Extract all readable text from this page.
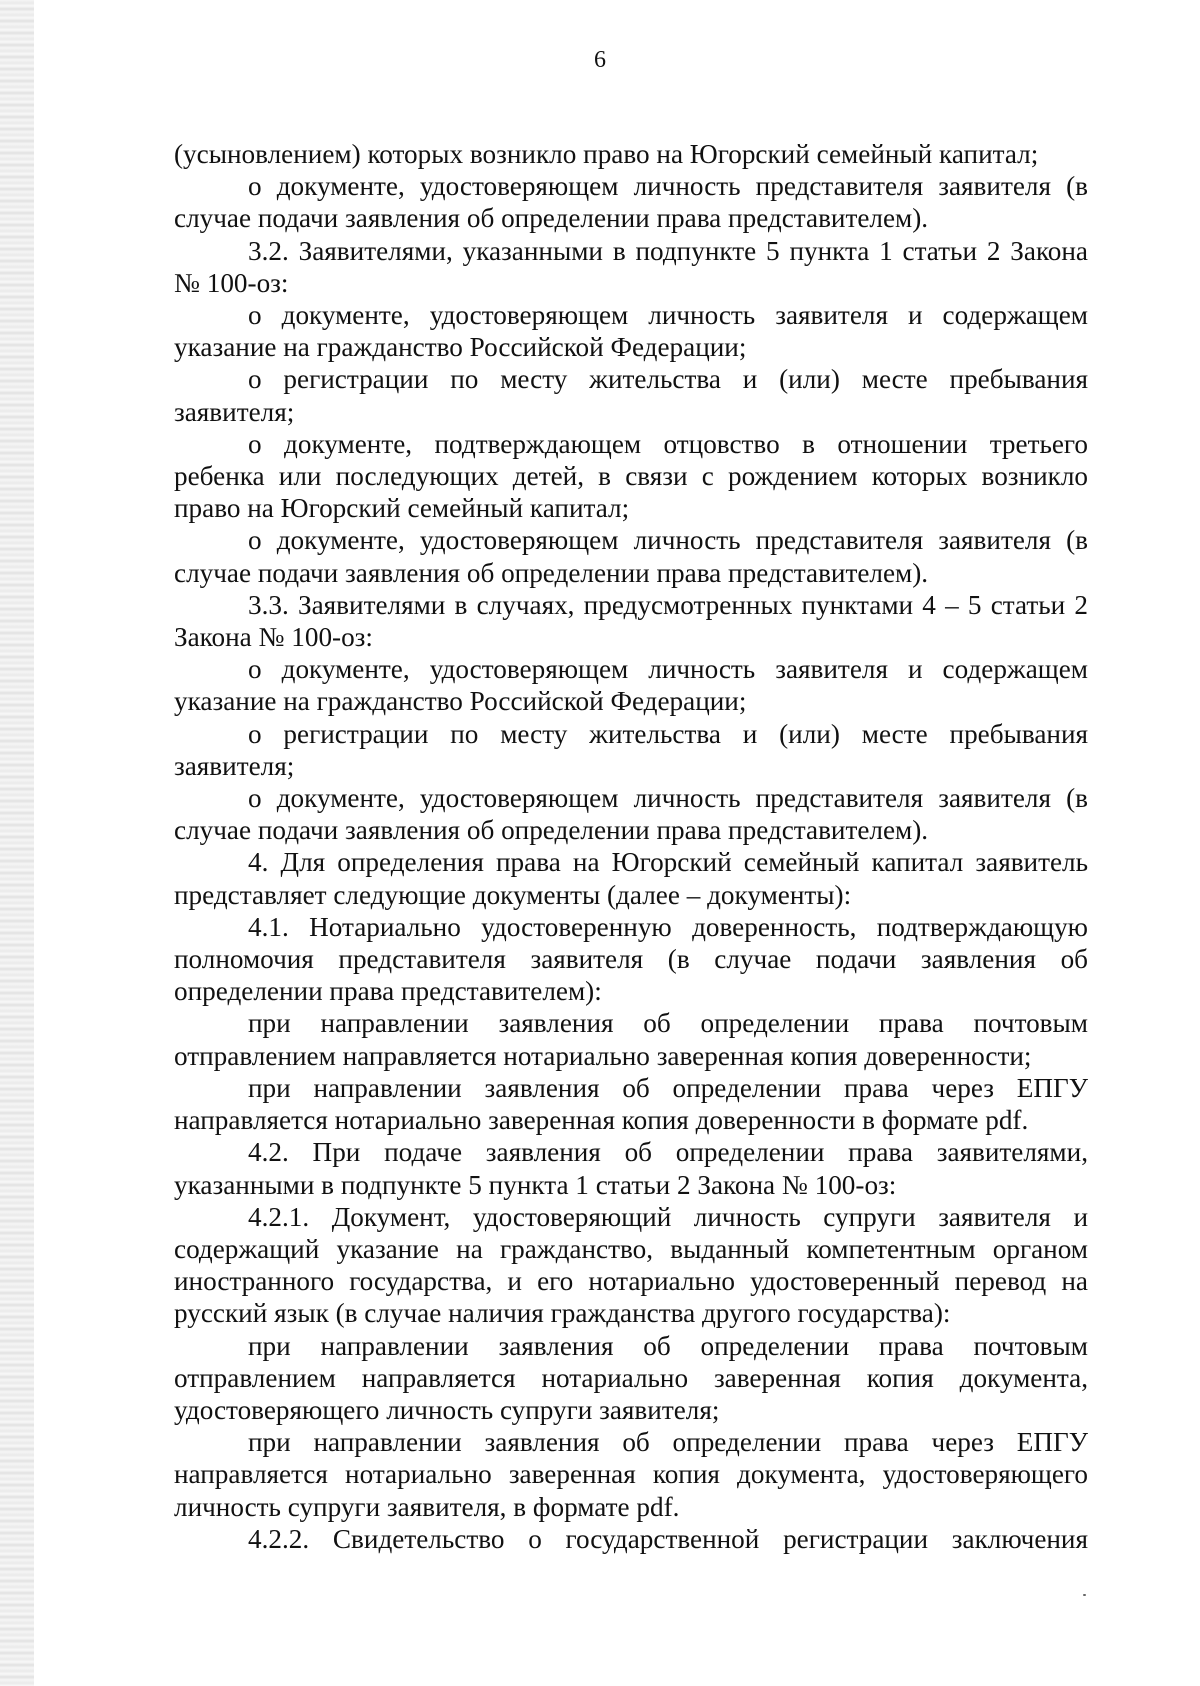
6

(усыновлением) которых возникло право на Югорский семейный капитал;

о документе, удостоверяющем личность представителя заявителя (в случае подачи заявления об определении права представителем).

3.2. Заявителями, указанными в подпункте 5 пункта 1 статьи 2 Закона № 100-оз:

о документе, удостоверяющем личность заявителя и содержащем указание на гражданство Российской Федерации;

о регистрации по месту жительства и (или) месте пребывания заявителя;

о документе, подтверждающем отцовство в отношении третьего ребенка или последующих детей, в связи с рождением которых возникло право на Югорский семейный капитал;

о документе, удостоверяющем личность представителя заявителя (в случае подачи заявления об определении права представителем).

3.3. Заявителями в случаях, предусмотренных пунктами 4 – 5 статьи 2 Закона № 100-оз:

о документе, удостоверяющем личность заявителя и содержащем указание на гражданство Российской Федерации;

о регистрации по месту жительства и (или) месте пребывания заявителя;

о документе, удостоверяющем личность представителя заявителя (в случае подачи заявления об определении права представителем).

4. Для определения права на Югорский семейный капитал заявитель представляет следующие документы (далее – документы):

4.1. Нотариально удостоверенную доверенность, подтверждающую полномочия представителя заявителя (в случае подачи заявления об определении права представителем):

при направлении заявления об определении права почтовым отправлением направляется нотариально заверенная копия доверенности;

при направлении заявления об определении права через ЕПГУ направляется нотариально заверенная копия доверенности в формате pdf.

4.2. При подаче заявления об определении права заявителями, указанными в подпункте 5 пункта 1 статьи 2 Закона № 100-оз:

4.2.1. Документ, удостоверяющий личность супруги заявителя и содержащий указание на гражданство, выданный компетентным органом иностранного государства, и его нотариально удостоверенный перевод на русский язык (в случае наличия гражданства другого государства):

при направлении заявления об определении права почтовым отправлением направляется нотариально заверенная копия документа, удостоверяющего личность супруги заявителя;

при направлении заявления об определении права через ЕПГУ направляется нотариально заверенная копия документа, удостоверяющего личность супруги заявителя, в формате pdf.

4.2.2. Свидетельство о государственной регистрации заключения
